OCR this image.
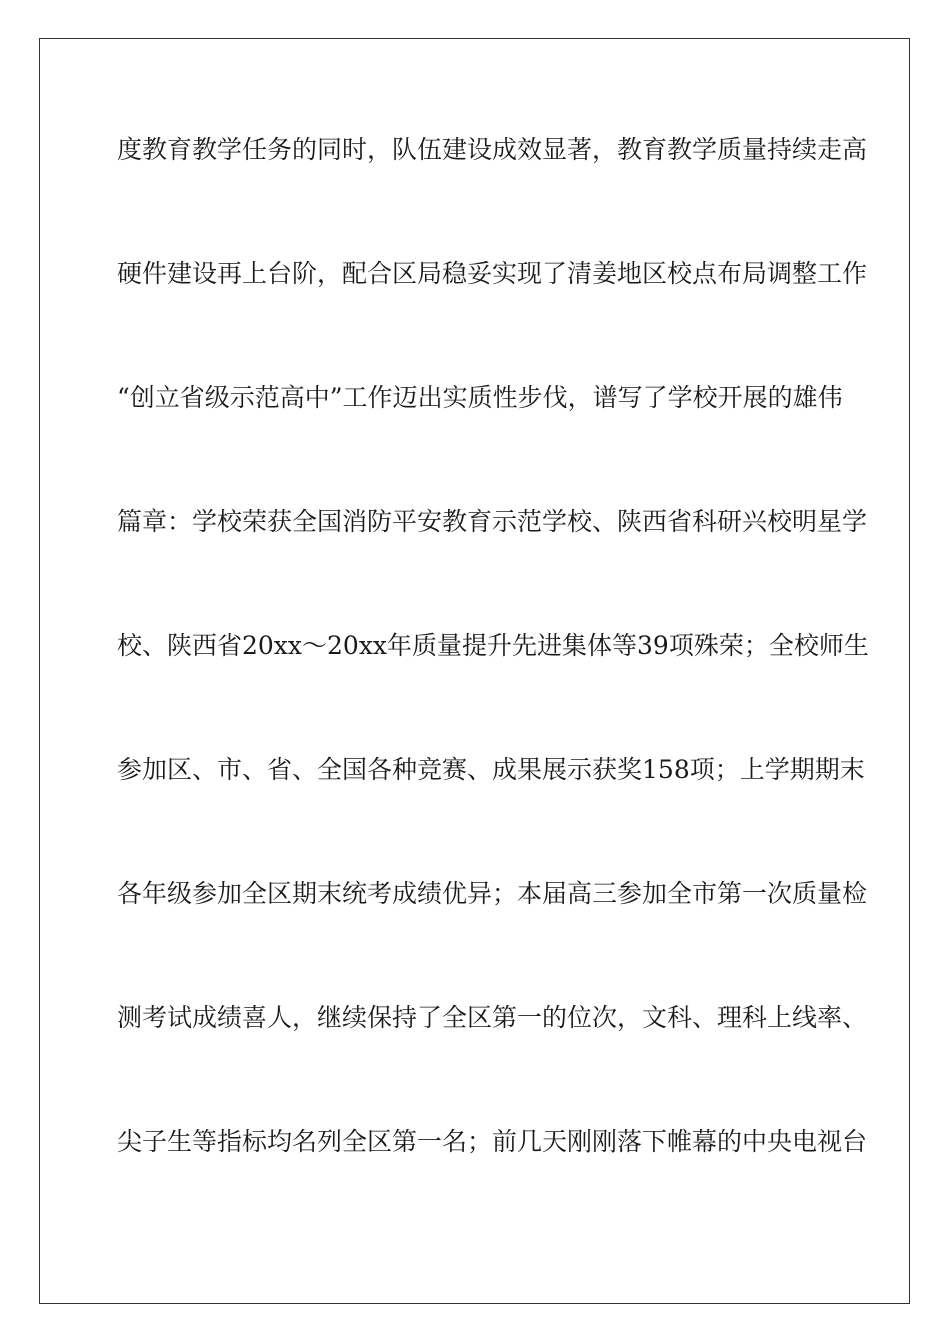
度教育教学任务的同时，队伍建设成效显著，教育教学质量持续走高
硬件建设再上台阶，配合区局稳妥实现了清姜地区校点布局调整工作
“创立省级示范高中”工作迈出实质性步伐，谱写了学校开展的雄伟
篇章：学校荣获全国消防平安教育示范学校、陕西省科研兴校明星学
校、陕西省20xx～20xx年质量提升先进集体等39项殊荣；全校师生
参加区、市、省、全国各种竞赛、成果展示获奖158项；上学期期末
各年级参加全区期末统考成绩优异；本届高三参加全市第一次质量检
测考试成绩喜人，继续保持了全区第一的位次，文科、理科上线率、
尖子生等指标均名列全区第一名；前几天刚刚落下帷幕的中央电视台
